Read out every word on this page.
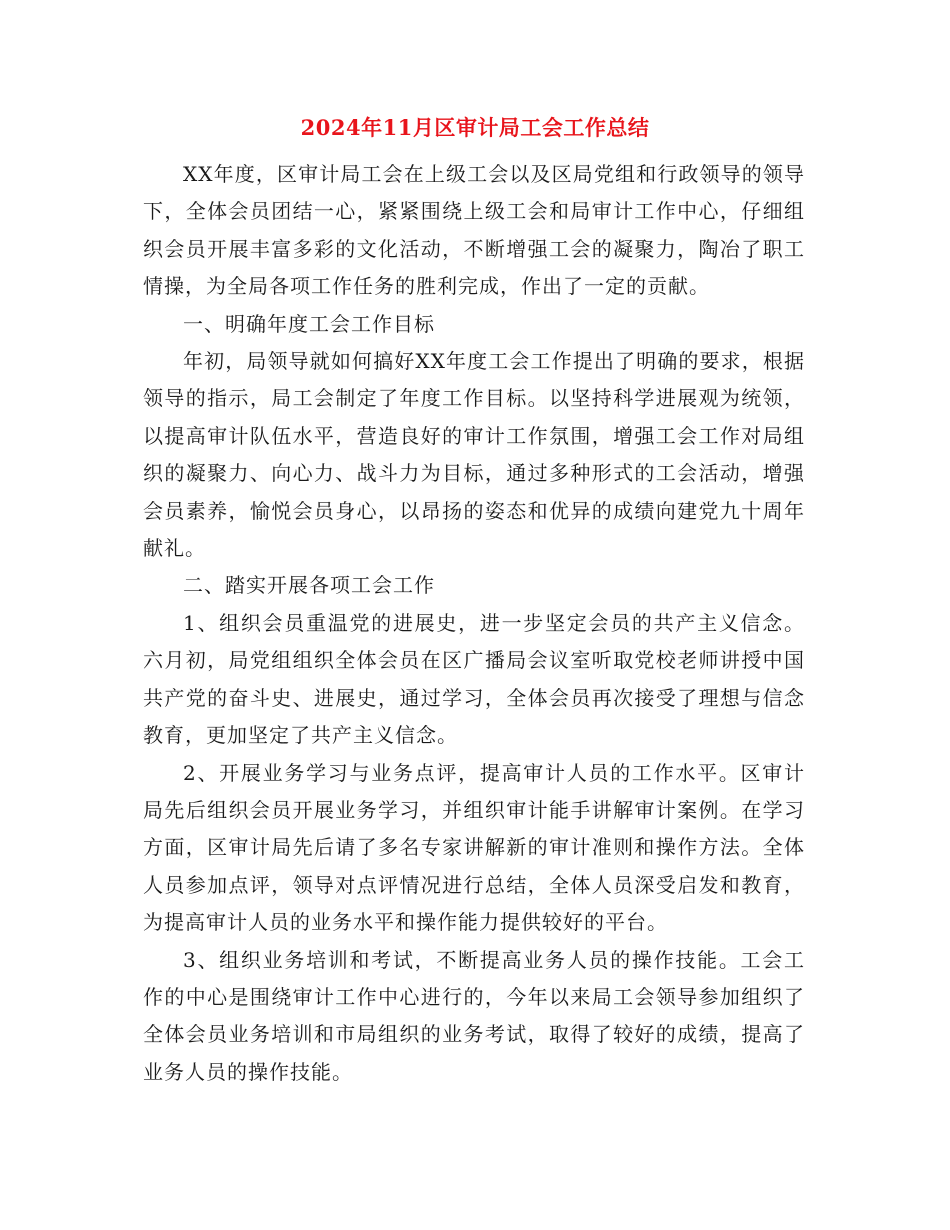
2024年11月区审计局工会工作总结

XX年度，区审计局工会在上级工会以及区局党组和行政领导的领导下，全体会员团结一心，紧紧围绕上级工会和局审计工作中心，仔细组织会员开展丰富多彩的文化活动，不断增强工会的凝聚力，陶冶了职工情操，为全局各项工作任务的胜利完成，作出了一定的贡献。

一、明确年度工会工作目标

年初，局领导就如何搞好XX年度工会工作提出了明确的要求，根据领导的指示，局工会制定了年度工作目标。以坚持科学进展观为统领，以提高审计队伍水平，营造良好的审计工作氛围，增强工会工作对局组织的凝聚力、向心力、战斗力为目标，通过多种形式的工会活动，增强会员素养，愉悦会员身心，以昂扬的姿态和优异的成绩向建党九十周年献礼。

二、踏实开展各项工会工作

1、组织会员重温党的进展史，进一步坚定会员的共产主义信念。六月初，局党组组织全体会员在区广播局会议室听取党校老师讲授中国共产党的奋斗史、进展史，通过学习，全体会员再次接受了理想与信念教育，更加坚定了共产主义信念。

2、开展业务学习与业务点评，提高审计人员的工作水平。区审计局先后组织会员开展业务学习，并组织审计能手讲解审计案例。在学习方面，区审计局先后请了多名专家讲解新的审计准则和操作方法。全体人员参加点评，领导对点评情况进行总结，全体人员深受启发和教育，为提高审计人员的业务水平和操作能力提供较好的平台。

3、组织业务培训和考试，不断提高业务人员的操作技能。工会工作的中心是围绕审计工作中心进行的，今年以来局工会领导参加组织了全体会员业务培训和市局组织的业务考试，取得了较好的成绩，提高了业务人员的操作技能。
